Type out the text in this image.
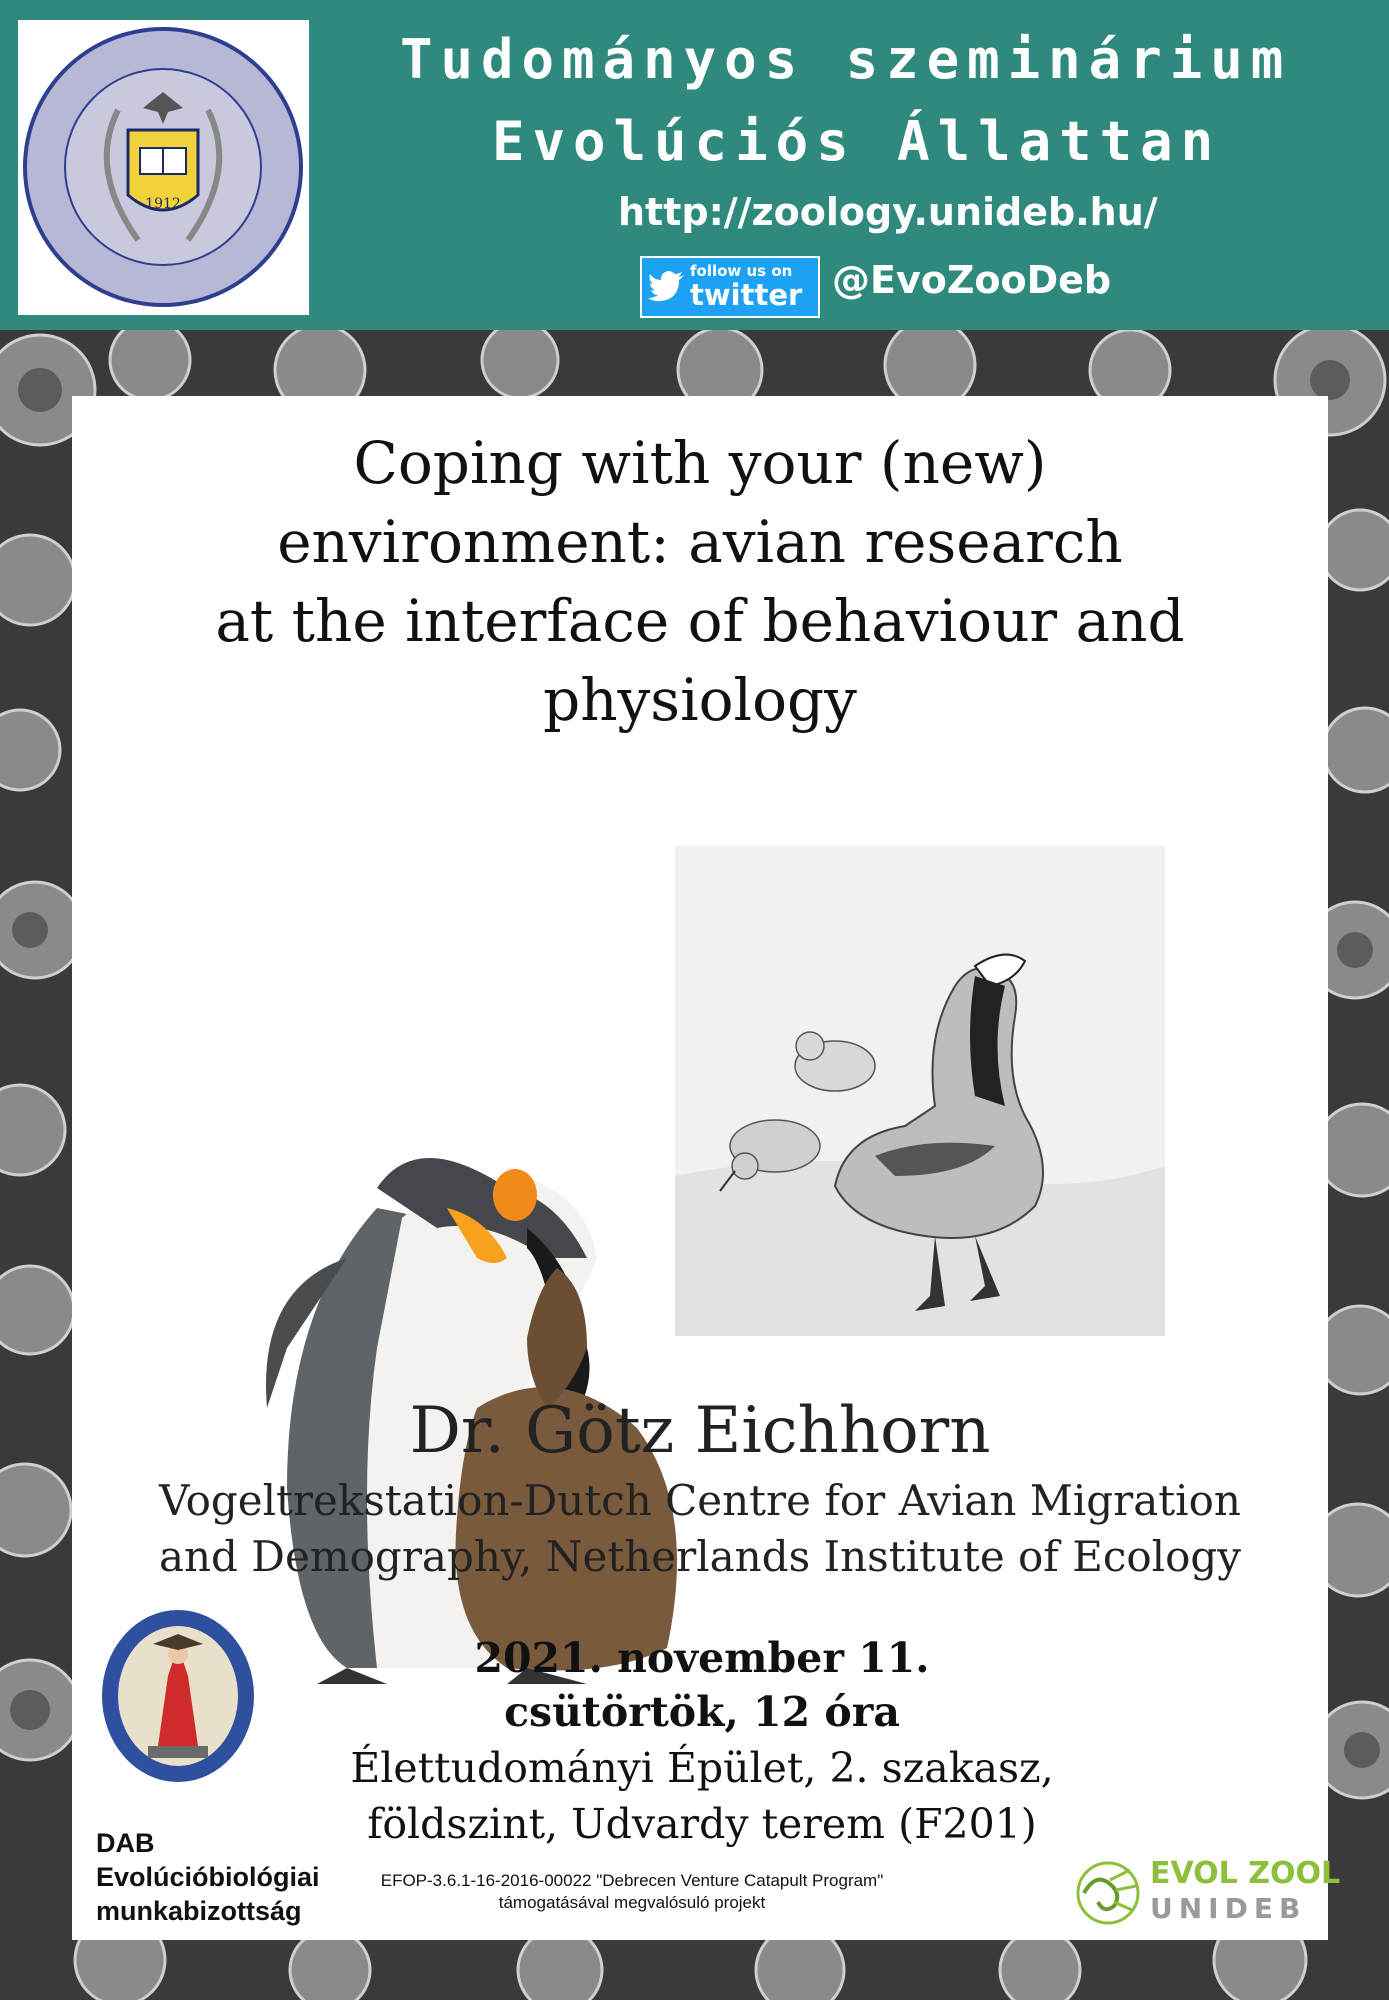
1912
Tudományos szeminárium
Evolúciós Állattan
http://zoology.unideb.hu/
follow us on
twitter @EvoZooDeb
Coping with your (new)
environment: avian research
at the interface of behaviour and
physiology
Dr. Götz Eichhorn
Vogeltrekstation-Dutch Centre for Avian Migration
and Demography, Netherlands Institute of Ecology
DAB
Evolúcióbiológiai
munkabizottság
2021. november 11.
csütörtök, 12 óra
Élettudományi Épület, 2. szakasz,
földszint, Udvardy terem (F201)
EFOP-3.6.1-16-2016-00022 "Debrecen Venture Catapult Program"
támogatásával megvalósuló projekt
EVOL ZOOL
UNIDEB
